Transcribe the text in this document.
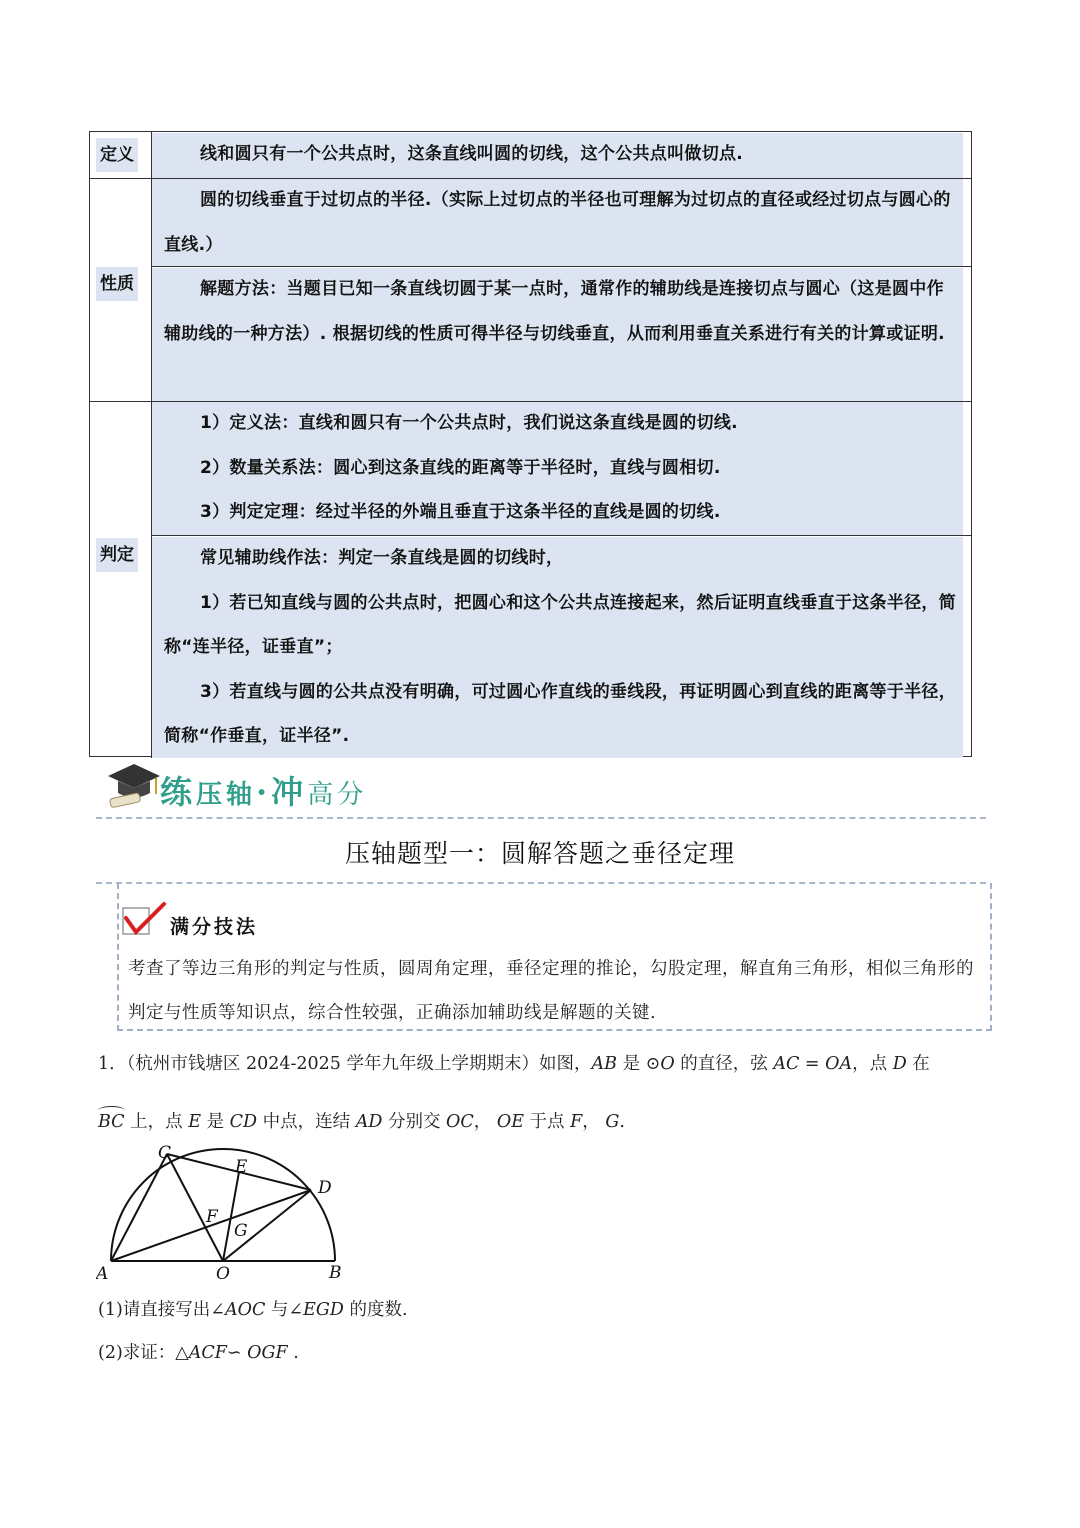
定义	线和圆只有一个公共点时，这条直线叫圆的切线，这个公共点叫做切点.
性质
圆的切线垂直于过切点的半径.（实际上过切点的半径也可理解为过切点的直径或经过切点与圆心的直线.）
解题方法：当题目已知一条直线切圆于某一点时，通常作的辅助线是连接切点与圆心（这是圆中作辅助线的一种方法）. 根据切线的性质可得半径与切线垂直，从而利用垂直关系进行有关的计算或证明.
判定
1）定义法：直线和圆只有一个公共点时，我们说这条直线是圆的切线.
2）数量关系法：圆心到这条直线的距离等于半径时，直线与圆相切.
3）判定定理：经过半径的外端且垂直于这条半径的直线是圆的切线.
常见辅助线作法：判定一条直线是圆的切线时，
1）若已知直线与圆的公共点时，把圆心和这个公共点连接起来，然后证明直线垂直于这条半径，简称“连半径，证垂直”；
3）若直线与圆的公共点没有明确，可过圆心作直线的垂线段，再证明圆心到直线的距离等于半径，简称“作垂直，证半径”.
练压轴·冲高分
压轴题型一：圆解答题之垂径定理
满分技法
考查了等边三角形的判定与性质，圆周角定理，垂径定理的推论，勾股定理，解直角三角形，相似三角形的判定与性质等知识点，综合性较强，正确添加辅助线是解题的关键.
1．（杭州市钱塘区 2024-2025 学年九年级上学期期末）如图，AB 是 ⊙O 的直径，弦 AC = OA，点 D 在
BC 上，点 E 是 CD 中点，连结 AD 分别交 OC， OE 于点 F， G.
A	B
C
D
E
F
G
O
(1)请直接写出∠AOC 与∠EGD 的度数.
(2)求证：△ACF∽ OGF .
